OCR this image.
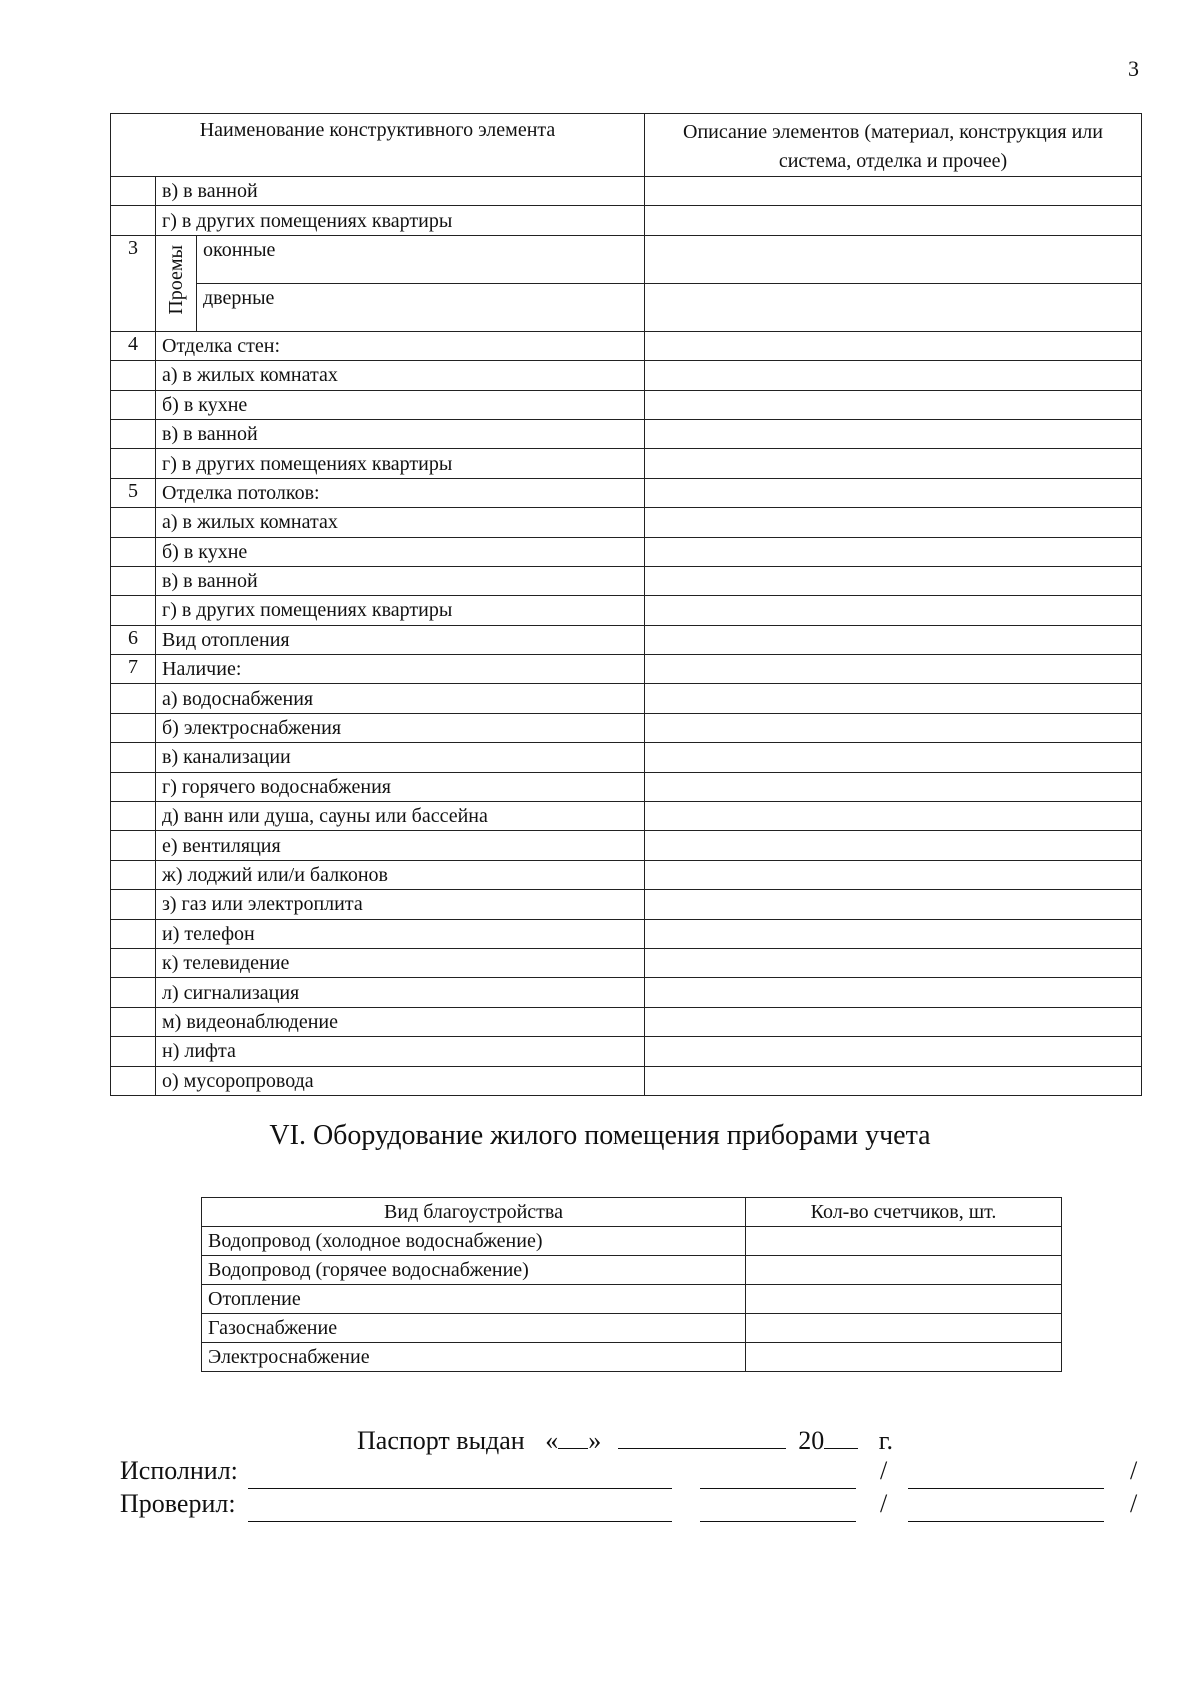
3
Наименование конструктивного элемента			Описание элементов (материал, конструкция или система, отделка и прочее)
	в) в ванной		
	г) в других помещениях квартиры		
3	Проемы	оконные	
		дверные	
4	Отделка стен:		
	а) в жилых комнатах		
	б) в кухне		
	в) в ванной		
	г) в других помещениях квартиры		
5	Отделка потолков:		
	а) в жилых комнатах		
	б) в кухне		
	в) в ванной		
	г) в других помещениях квартиры		
6	Вид отопления		
7	Наличие:		
	а) водоснабжения		
	б) электроснабжения		
	в) канализации		
	г) горячего водоснабжения		
	д) ванн или душа, сауны или бассейна		
	е) вентиляция		
	ж) лоджий или/и балконов		
	з) газ или электроплита		
	и) телефон		
	к) телевидение		
	л) сигнализация		
	м) видеонаблюдение		
	н) лифта		
	о) мусоропровода		
VI. Оборудование жилого помещения приборами учета
Вид благоустройства	Кол-во счетчиков, шт.
Водопровод (холодное водоснабжение)	
Водопровод (горячее водоснабжение)	
Отопление	
Газоснабжение	
Электроснабжение	
Паспорт выдан « »	20 г.
Исполнил:	/	/
Проверил:	/	/
